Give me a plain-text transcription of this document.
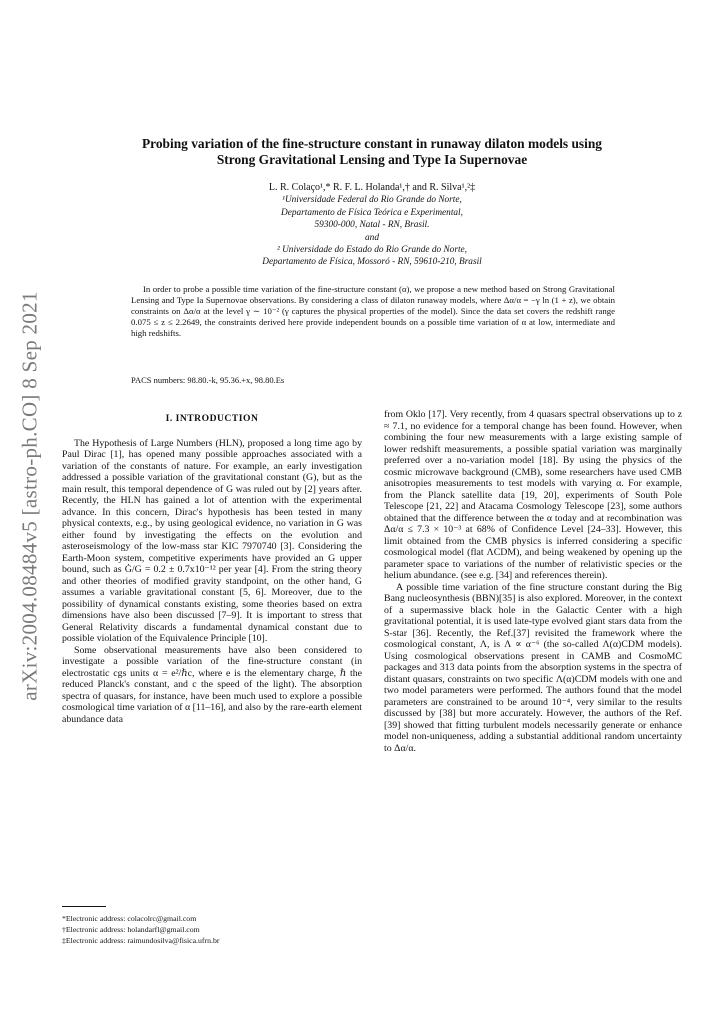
arXiv:2004.08484v5 [astro-ph.CO] 8 Sep 2021
Probing variation of the fine-structure constant in runaway dilaton models using
Strong Gravitational Lensing and Type Ia Supernovae
L. R. Colaço¹,* R. F. L. Holanda¹,† and R. Silva¹,²‡
¹Universidade Federal do Rio Grande do Norte,
Departamento de Física Teórica e Experimental,
59300-000, Natal - RN, Brasil.
and
² Universidade do Estado do Rio Grande do Norte,
Departamento de Física, Mossoró - RN, 59610-210, Brasil

In order to probe a possible time variation of the fine-structure constant (α), we propose a new method based on Strong Gravitational Lensing and Type Ia Supernovae observations. By considering a class of dilaton runaway models, where Δα/α = −γ ln (1 + z), we obtain constraints on Δα/α at the level γ ∼ 10⁻² (γ captures the physical properties of the model). Since the data set covers the redshift range 0.075 ≤ z ≤ 2.2649, the constraints derived here provide independent bounds on a possible time variation of α at low, intermediate and high redshifts.

PACS numbers: 98.80.-k, 95.36.+x, 98.80.Es

I. INTRODUCTION

The Hypothesis of Large Numbers (HLN), proposed a long time ago by Paul Dirac [1], has opened many possible approaches associated with a variation of the constants of nature. For example, an early investigation addressed a possible variation of the gravitational constant (G), but as the main result, this temporal dependence of G was ruled out by [2] years after. Recently, the HLN has gained a lot of attention with the experimental advance. In this concern, Dirac's hypothesis has been tested in many physical contexts, e.g., by using geological evidence, no variation in G was either found by investigating the effects on the evolution and asteroseismology of the low-mass star KIC 7970740 [3]. Considering the Earth-Moon system, competitive experiments have provided an G upper bound, such as Ġ/G = 0.2 ± 0.7x10⁻¹² per year [4]. From the string theory and other theories of modified gravity standpoint, on the other hand, G assumes a variable gravitational constant [5, 6]. Moreover, due to the possibility of dynamical constants existing, some theories based on extra dimensions have also been discussed [7–9]. It is important to stress that General Relativity discards a fundamental dynamical constant due to possible violation of the Equivalence Principle [10].

Some observational measurements have also been considered to investigate a possible variation of the fine-structure constant (in electrostatic cgs units α = e²/ℏc, where e is the elementary charge, ℏ the reduced Planck's constant, and c the speed of the light). The absorption spectra of quasars, for instance, have been much used to explore a possible cosmological time variation of α [11–16], and also by the rare-earth element abundance data

from Oklo [17]. Very recently, from 4 quasars spectral observations up to z ≈ 7.1, no evidence for a temporal change has been found. However, when combining the four new measurements with a large existing sample of lower redshift measurements, a possible spatial variation was marginally preferred over a no-variation model [18]. By using the physics of the cosmic microwave background (CMB), some researchers have used CMB anisotropies measurements to test models with varying α. For example, from the Planck satellite data [19, 20], experiments of South Pole Telescope [21, 22] and Atacama Cosmology Telescope [23], some authors obtained that the difference between the α today and at recombination was Δα/α ≤ 7.3 × 10⁻³ at 68% of Confidence Level [24–33]. However, this limit obtained from the CMB physics is inferred considering a specific cosmological model (flat ΛCDM), and being weakened by opening up the parameter space to variations of the number of relativistic species or the helium abundance. (see e.g. [34] and references therein).

A possible time variation of the fine structure constant during the Big Bang nucleosynthesis (BBN)[35] is also explored. Moreover, in the context of a supermassive black hole in the Galactic Center with a high gravitational potential, it is used late-type evolved giant stars data from the S-star [36]. Recently, the Ref.[37] revisited the framework where the cosmological constant, Λ, is Λ ∝ α⁻⁶ (the so-called Λ(α)CDM models). Using cosmological observations present in CAMB and CosmoMC packages and 313 data points from the absorption systems in the spectra of distant quasars, constraints on two specific Λ(α)CDM models with one and two model parameters were performed. The authors found that the model parameters are constrained to be around 10⁻⁴, very similar to the results discussed by [38] but more accurately. However, the authors of the Ref. [39] showed that fitting turbulent models necessarily generate or enhance model non-uniqueness, adding a substantial additional random uncertainty to Δα/α.

*Electronic address: colacolrc@gmail.com
†Electronic address: holandarfl@gmail.com
‡Electronic address: raimundosilva@fisica.ufrn.br
